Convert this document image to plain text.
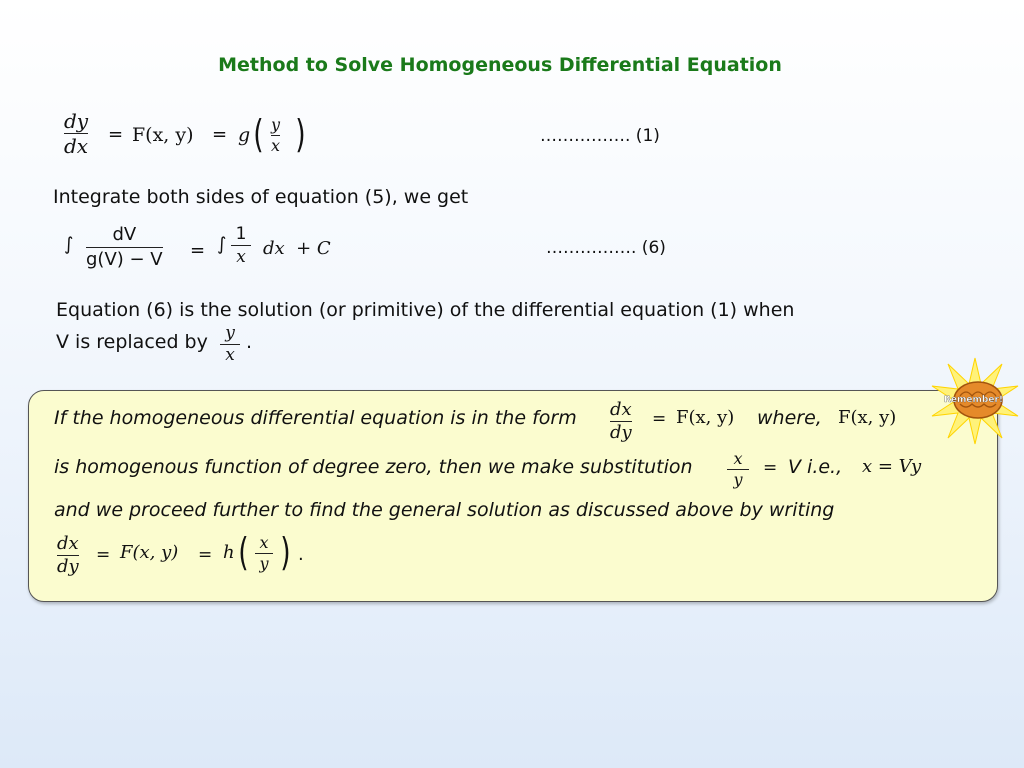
Method to Solve Homogeneous Differential Equation
dy
dx = F(x, y) = g ( y
x )	……………. (1)
Integrate both sides of equation (5), we get
∫ dV
g(V) − V = ∫ 1
x dx  + C	……………. (6)
Equation (6) is the solution (or primitive) of the differential equation (1) when
V is replaced by y
x
.
If the homogeneous differential equation is in the form dx
dy
= F(x, y) where, F(x, y)
is homogenous function of degree zero, then we make substitution	x
y
= V i.e., x = Vy
and we proceed further to find the general solution as discussed above by writing
dx
dy
= F(x, y) = h ( x
y ) .
Remember!
